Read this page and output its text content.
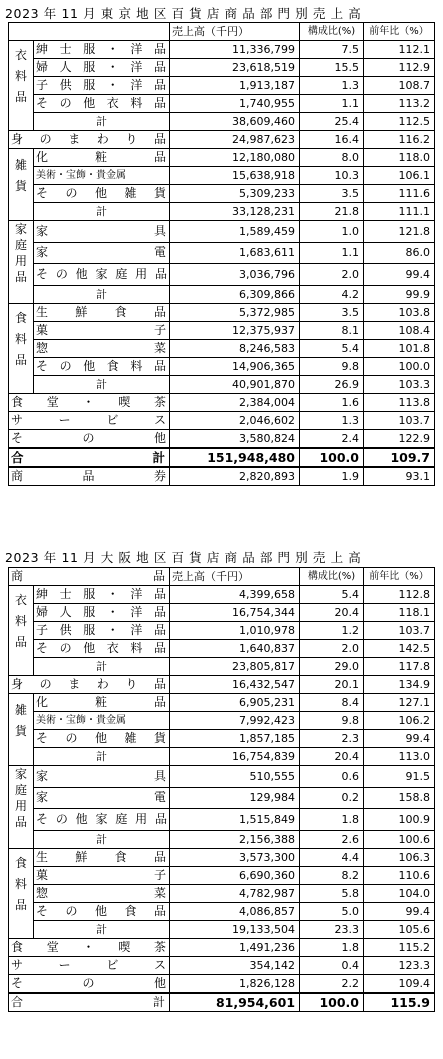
2023 年 11 月 東 京 地 区 百 貨 店 商 品 部 門 別 売 上 高
		売上高（千円）	構成比(%)	前年比（%）
衣料品	紳士服・洋品	11,336,799	7.5	112.1
	婦人服・洋品	23,618,519	15.5	112.9
	子供服・洋品	1,913,187	1.3	108.7
	その他衣料品	1,740,955	1.1	113.2
	計	38,609,460	25.4	112.5
身のまわり品		24,987,623	16.4	116.2
雑貨	化粧品	12,180,080	8.0	118.0
	美術・宝飾・貴金属	15,638,918	10.3	106.1
	その他雑貨	5,309,233	3.5	111.6
	計	33,128,231	21.8	111.1
家庭用品	家具	1,589,459	1.0	121.8
	家電	1,683,611	1.1	86.0
	その他家庭用品	3,036,796	2.0	99.4
	計	6,309,866	4.2	99.9
食料品	生鮮食品	5,372,985	3.5	103.8
	菓子	12,375,937	8.1	108.4
	惣菜	8,246,583	5.4	101.8
	その他食料品	14,906,365	9.8	100.0
	計	40,901,870	26.9	103.3
食堂・喫茶		2,384,004	1.6	113.8
サービス		2,046,602	1.3	103.7
その他		3,580,824	2.4	122.9
合 計		151,948,480	100.0	109.7
商品券		2,820,893	1.9	93.1
2023 年 11 月 大 阪 地 区 百 貨 店 商 品 部 門 別 売 上 高
商 品		売上高（千円）	構成比(%)	前年比（%）
衣料品	紳士服・洋品	4,399,658	5.4	112.8
	婦人服・洋品	16,754,344	20.4	118.1
	子供服・洋品	1,010,978	1.2	103.7
	その他衣料品	1,640,837	2.0	142.5
	計	23,805,817	29.0	117.8
身のまわり品		16,432,547	20.1	134.9
雑貨	化粧品	6,905,231	8.4	127.1
	美術・宝飾・貴金属	7,992,423	9.8	106.2
	その他雑貨	1,857,185	2.3	99.4
	計	16,754,839	20.4	113.0
家庭用品	家具	510,555	0.6	91.5
	家電	129,984	0.2	158.8
	その他家庭用品	1,515,849	1.8	100.9
	計	2,156,388	2.6	100.6
食料品	生鮮食品	3,573,300	4.4	106.3
	菓子	6,690,360	8.2	110.6
	惣菜	4,782,987	5.8	104.0
	その他食品	4,086,857	5.0	99.4
	計	19,133,504	23.3	105.6
食堂・喫茶		1,491,236	1.8	115.2
サービス		354,142	0.4	123.3
その他		1,826,128	2.2	109.4
合 計		81,954,601	100.0	115.9
